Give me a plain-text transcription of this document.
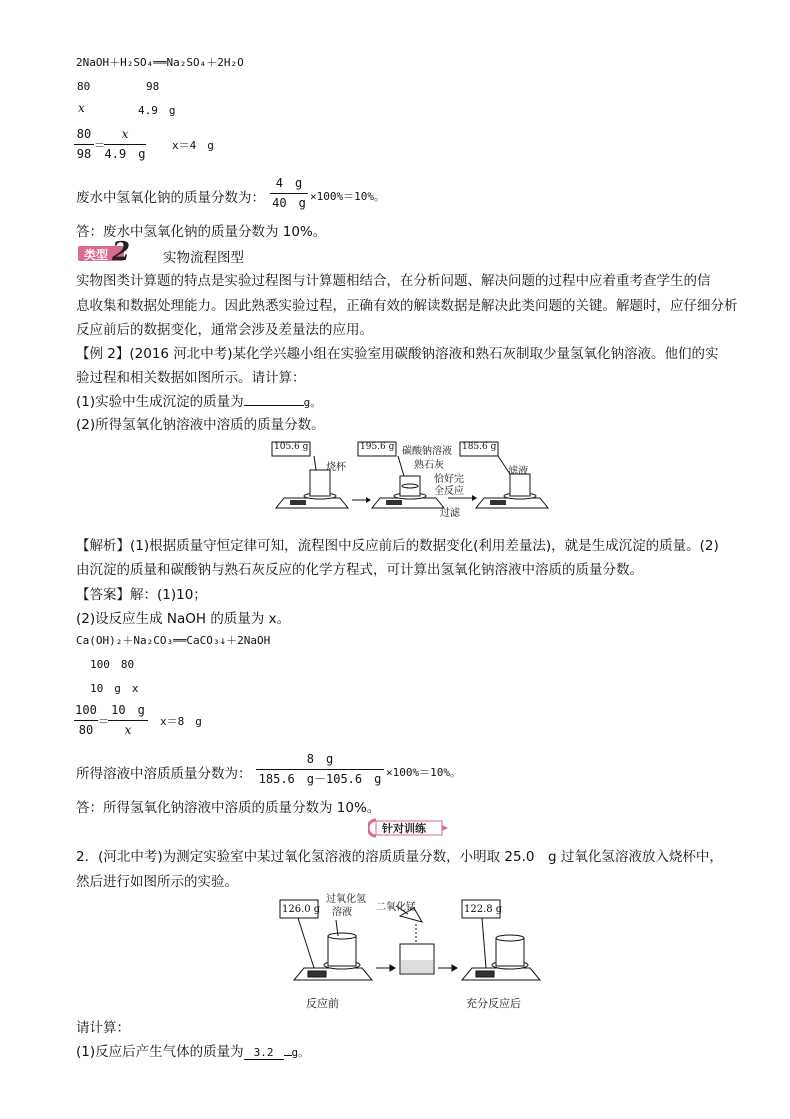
2NaOH＋H₂SO₄══Na₂SO₄＋2H₂O
80	98
x	4.9　g
80
98
＝
x
4.9　g
x＝4　g
废水中氢氧化钠的质量分数为：
4　g
40　g ×100%＝10%。
答：废水中氢氧化钠的质量分数为 10%。
类型 2 实物流程图型
实物图类计算题的特点是实验过程图与计算题相结合，在分析问题、解决问题的过程中应着重考查学生的信
息收集和数据处理能力。因此熟悉实验过程，正确有效的解读数据是解决此类问题的关键。解题时，应仔细分析
反应前后的数据变化，通常会涉及差量法的应用。
【例 2】(2016 河北中考)某化学兴趣小组在实验室用碳酸钠溶液和熟石灰制取少量氢氧化钠溶液。他们的实
验过程和相关数据如图所示。请计算：
(1)实验中生成沉淀的质量为	g。
(2)所得氢氧化钠溶液中溶质的质量分数。
105.6 g	195.6 g	185.6 g
烧杯
碳酸钠溶液
熟石灰
恰好完
全反应
过滤
滤液
【解析】(1)根据质量守恒定律可知，流程图中反应前后的数据变化(利用差量法)，就是生成沉淀的质量。(2)
由沉淀的质量和碳酸钠与熟石灰反应的化学方程式，可计算出氢氧化钠溶液中溶质的质量分数。
【答案】解：(1)10；
(2)设反应生成 NaOH 的质量为 x。
Ca(OH)₂＋Na₂CO₃══CaCO₃↓＋2NaOH
100　80
10　g　x
100
80
＝
10　g
x
x＝8　g
所得溶液中溶质质量分数为：
8　g
185.6　g－105.6　g ×100%＝10%。
答：所得氢氧化钠溶液中溶质的质量分数为 10%。
针对训练
2．(河北中考)为测定实验室中某过氧化氢溶液的溶质质量分数，小明取 25.0　g 过氧化氢溶液放入烧杯中，
然后进行如图所示的实验。
126.0 g	122.8 g
过氧化氢
溶液 二氧化锰
反应前	充分反应后
请计算：
(1)反应后产生气体的质量为 3.2 g。
